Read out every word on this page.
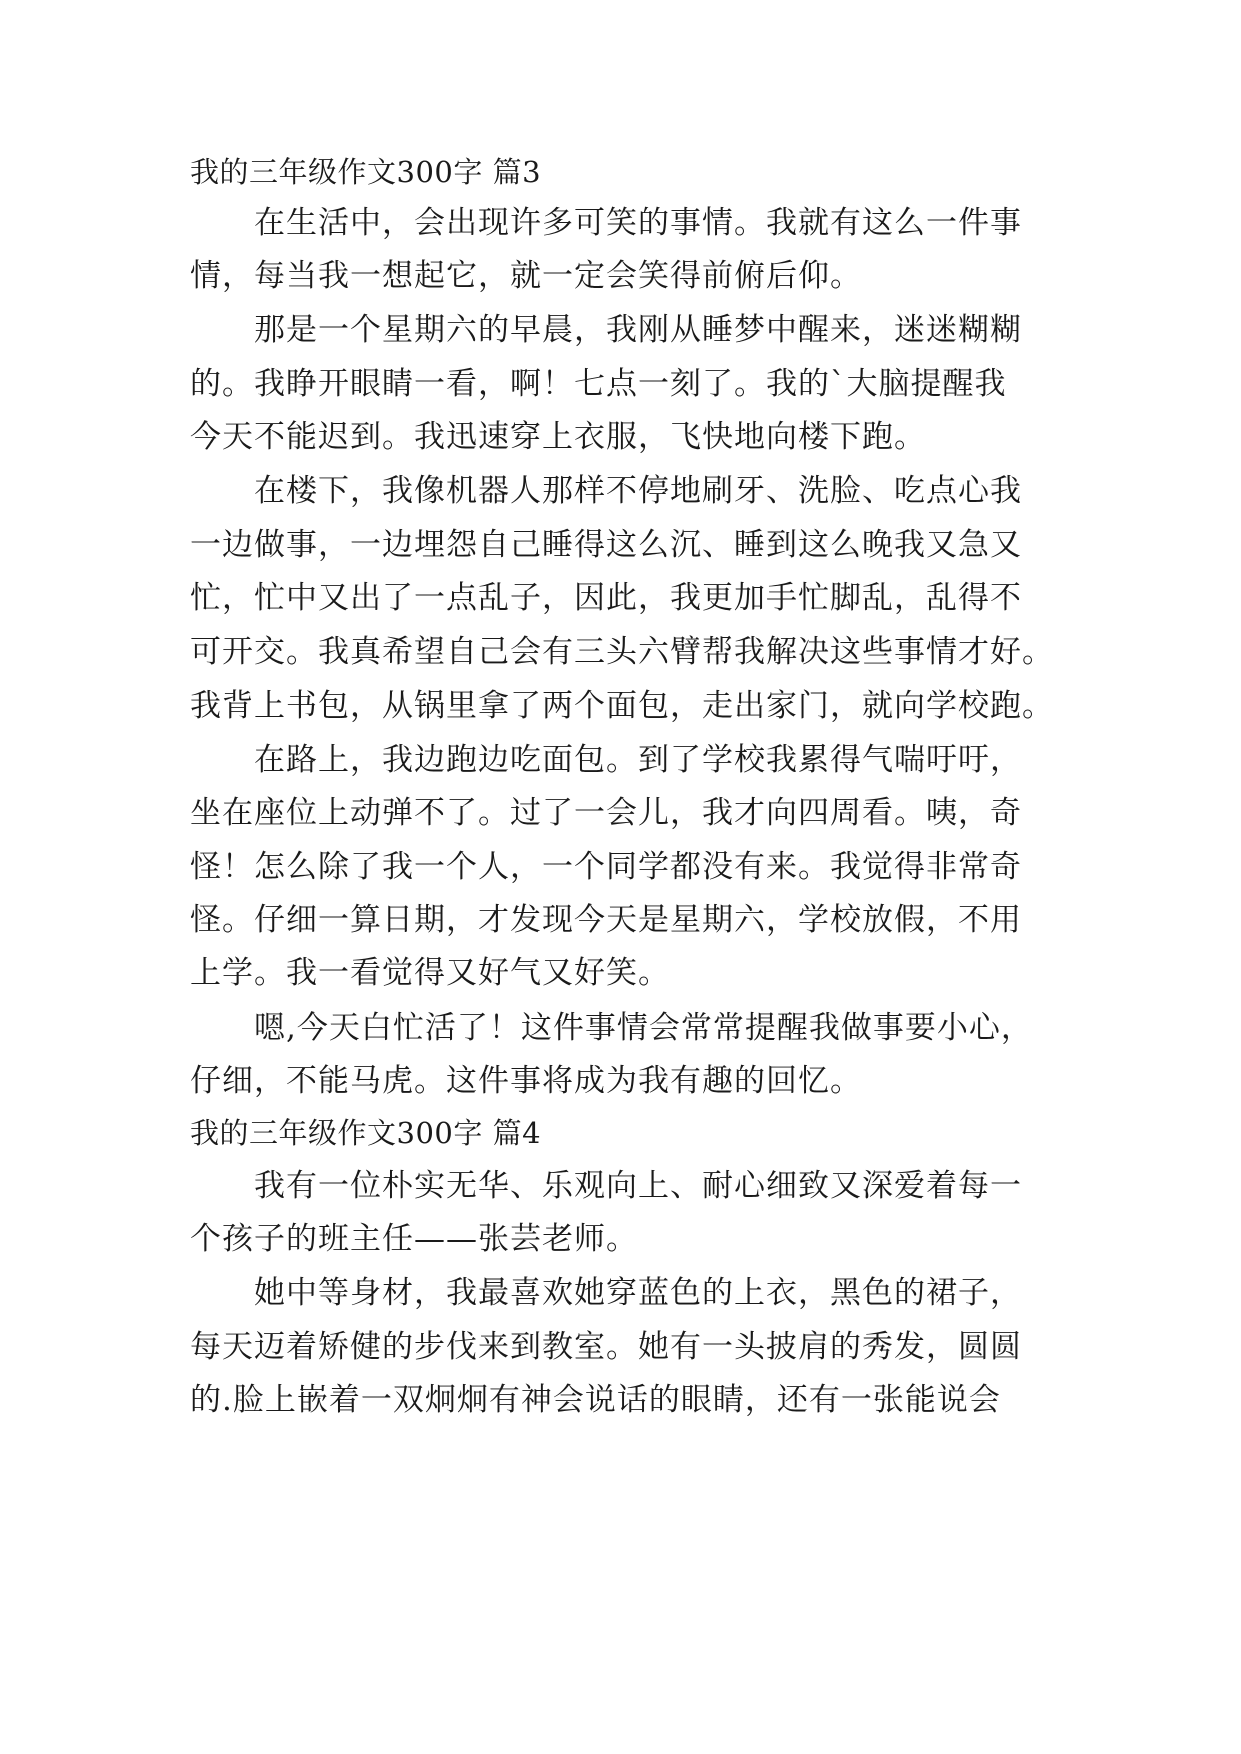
我的三年级作文300字 篇3
　　在生活中，会出现许多可笑的事情。我就有这么一件事
情，每当我一想起它，就一定会笑得前俯后仰。
　　那是一个星期六的早晨，我刚从睡梦中醒来，迷迷糊糊
的。我睁开眼睛一看，啊！七点一刻了。我的`大脑提醒我
今天不能迟到。我迅速穿上衣服，飞快地向楼下跑。
　　在楼下，我像机器人那样不停地刷牙、洗脸、吃点心我
一边做事，一边埋怨自己睡得这么沉、睡到这么晚我又急又
忙，忙中又出了一点乱子，因此，我更加手忙脚乱，乱得不
可开交。我真希望自己会有三头六臂帮我解决这些事情才好。
我背上书包，从锅里拿了两个面包，走出家门，就向学校跑。
　　在路上，我边跑边吃面包。到了学校我累得气喘吁吁，
坐在座位上动弹不了。过了一会儿，我才向四周看。咦，奇
怪！怎么除了我一个人，一个同学都没有来。我觉得非常奇
怪。仔细一算日期，才发现今天是星期六，学校放假，不用
上学。我一看觉得又好气又好笑。
　　嗯,今天白忙活了！这件事情会常常提醒我做事要小心，
仔细，不能马虎。这件事将成为我有趣的回忆。
我的三年级作文300字 篇4
　　我有一位朴实无华、乐观向上、耐心细致又深爱着每一
个孩子的班主任——张芸老师。
　　她中等身材，我最喜欢她穿蓝色的上衣，黑色的裙子，
每天迈着矫健的步伐来到教室。她有一头披肩的秀发，圆圆
的.脸上嵌着一双炯炯有神会说话的眼睛，还有一张能说会
